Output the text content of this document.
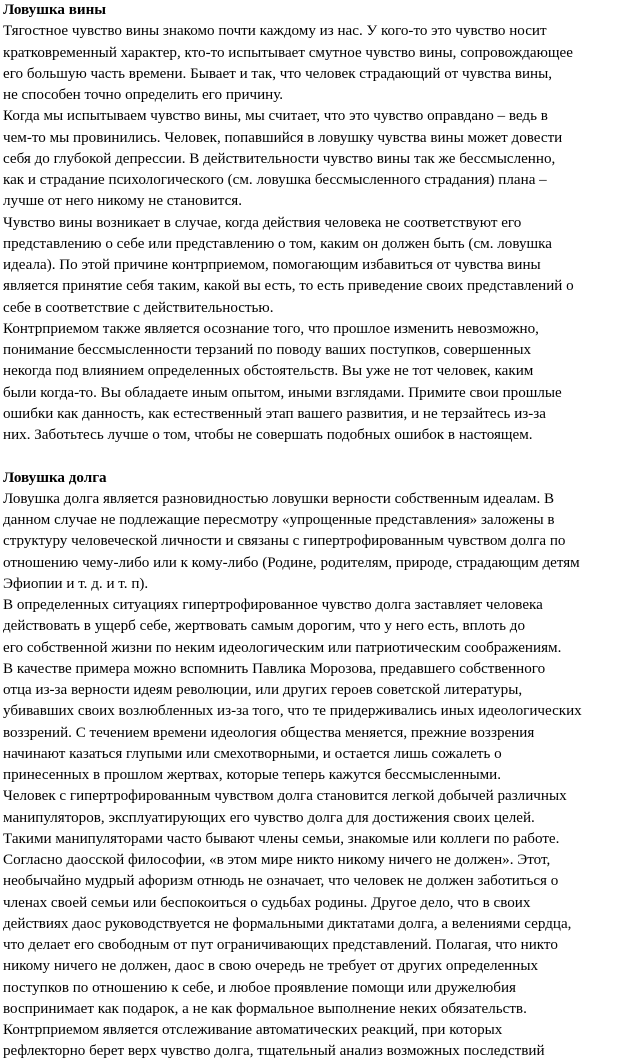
Ловушка вины
Тягостное чувство вины знакомо почти каждому из нас. У кого-то это чувство носит
кратковременный характер, кто-то испытывает смутное чувство вины, сопровождающее
его большую часть времени. Бывает и так, что человек страдающий от чувства вины,
не способен точно определить его причину.
Когда мы испытываем чувство вины, мы считает, что это чувство оправдано – ведь в
чем-то мы провинились. Человек, попавшийся в ловушку чувства вины может довести
себя до глубокой депрессии. В действительности чувство вины так же бессмысленно,
как и страдание психологического (см. ловушка бессмысленного страдания) плана –
лучше от него никому не становится.
Чувство вины возникает в случае, когда действия человека не соответствуют его
представлению о себе или представлению о том, каким он должен быть (см. ловушка
идеала). По этой причине контрприемом, помогающим избавиться от чувства вины
является принятие себя таким, какой вы есть, то есть приведение своих представлений о
себе в соответствие с действительностью.
Контрприемом также является осознание того, что прошлое изменить невозможно,
понимание бессмысленности терзаний по поводу ваших поступков, совершенных
некогда под влиянием определенных обстоятельств. Вы уже не тот человек, каким
были когда-то. Вы обладаете иным опытом, иными взглядами. Примите свои прошлые
ошибки как данность, как естественный этап вашего развития, и не терзайтесь из-за
них. Заботьтесь лучше о том, чтобы не совершать подобных ошибок в настоящем.
Ловушка долга
Ловушка долга является разновидностью ловушки верности собственным идеалам. В
данном случае не подлежащие пересмотру «упрощенные представления» заложены в
структуру человеческой личности и связаны с гипертрофированным чувством долга по
отношению чему-либо или к кому-либо (Родине, родителям, природе, страдающим детям
Эфиопии и т. д. и т. п).
В определенных ситуациях гипертрофированное чувство долга заставляет человека
действовать в ущерб себе, жертвовать самым дорогим, что у него есть, вплоть до
его собственной жизни по неким идеологическим или патриотическим соображениям.
В качестве примера можно вспомнить Павлика Морозова, предавшего собственного
отца из-за верности идеям революции, или других героев советской литературы,
убивавших своих возлюбленных из-за того, что те придерживались иных идеологических
воззрений. С течением времени идеология общества меняется, прежние воззрения
начинают казаться глупыми или смехотворными, и остается лишь сожалеть о
принесенных в прошлом жертвах, которые теперь кажутся бессмысленными.
Человек с гипертрофированным чувством долга становится легкой добычей различных
манипуляторов, эксплуатирующих его чувство долга для достижения своих целей.
Такими манипуляторами часто бывают члены семьи, знакомые или коллеги по работе.
Согласно даосской философии, «в этом мире никто никому ничего не должен». Этот,
необычайно мудрый афоризм отнюдь не означает, что человек не должен заботиться о
членах своей семьи или беспокоиться о судьбах родины. Другое дело, что в своих
действиях даос руководствуется не формальными диктатами долга, а велениями сердца,
что делает его свободным от пут ограничивающих представлений. Полагая, что никто
никому ничего не должен, даос в свою очередь не требует от других определенных
поступков по отношению к себе, и любое проявление помощи или дружелюбия
воспринимает как подарок, а не как формальное выполнение неких обязательств.
Контрприемом является отслеживание автоматических реакций, при которых
рефлекторно берет верх чувство долга, тщательный анализ возможных последствий
